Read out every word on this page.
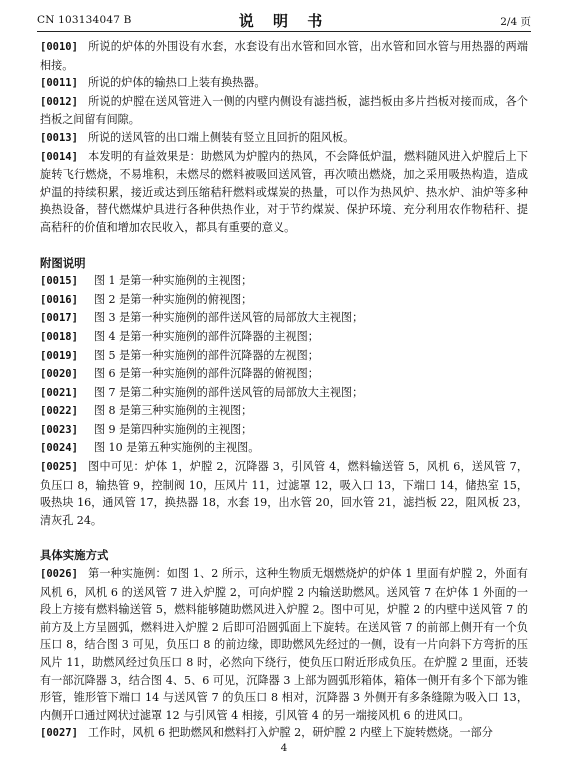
CN 103134047 B	说 明 书	2/4 页

[0010] 所说的炉体的外围设有水套，水套设有出水管和回水管，出水管和回水管与用热器的两端相接。

[0011] 所说的炉体的输热口上装有换热器。

[0012] 所说的炉膛在送风管进入一侧的内壁内侧设有滤挡板，滤挡板由多片挡板对接而成，各个挡板之间留有间隙。

[0013] 所说的送风管的出口端上侧装有竖立且回折的阻风板。

[0014] 本发明的有益效果是：助燃风为炉膛内的热风，不会降低炉温，燃料随风进入炉膛后上下旋转飞行燃烧，不易堆积，未燃尽的燃料被吸回送风管，再次喷出燃烧，加之采用吸热构造，造成炉温的持续积累，接近或达到压缩秸秆燃料或煤炭的热量，可以作为热风炉、热水炉、油炉等多种换热设备，替代燃煤炉具进行各种供热作业，对于节约煤炭、保护环境、充分利用农作物秸秆、提高秸秆的价值和增加农民收入，都具有重要的意义。

附图说明

[0015] 图 1 是第一种实施例的主视图；
[0016] 图 2 是第一种实施例的俯视图；
[0017] 图 3 是第一种实施例的部件送风管的局部放大主视图；
[0018] 图 4 是第一种实施例的部件沉降器的主视图；
[0019] 图 5 是第一种实施例的部件沉降器的左视图；
[0020] 图 6 是第一种实施例的部件沉降器的俯视图；
[0021] 图 7 是第二种实施例的部件送风管的局部放大主视图；
[0022] 图 8 是第三种实施例的主视图；
[0023] 图 9 是第四种实施例的主视图；
[0024] 图 10 是第五种实施例的主视图。

[0025] 图中可见：炉体 1，炉膛 2，沉降器 3，引风管 4，燃料输送管 5，风机 6，送风管 7，负压口 8，输热管 9，控制阀 10，压风片 11，过滤罩 12，吸入口 13，下端口 14，储热室 15，吸热块 16，通风管 17，换热器 18，水套 19，出水管 20，回水管 21，滤挡板 22，阻风板 23，清灰孔 24。

具体实施方式

[0026] 第一种实施例：如图 1、2 所示，这种生物质无烟燃烧炉的炉体 1 里面有炉膛 2，外面有风机 6，风机 6 的送风管 7 进入炉膛 2，可向炉膛 2 内输送助燃风。送风管 7 在炉体 1 外面的一段上方接有燃料输送管 5，燃料能够随助燃风进入炉膛 2。图中可见，炉膛 2 的内壁中送风管 7 的前方及上方呈圆弧，燃料进入炉膛 2 后即可沿圆弧面上下旋转。在送风管 7 的前部上侧开有一个负压口 8，结合图 3 可见，负压口 8 的前边缘，即助燃风先经过的一侧，设有一片向斜下方弯折的压风片 11，助燃风经过负压口 8 时，必然向下绕行，使负压口附近形成负压。在炉膛 2 里面，还装有一部沉降器 3，结合图 4、5、6 可见，沉降器 3 上部为圆弧形箱体，箱体一侧开有多个下部为锥形管，锥形管下端口 14 与送风管 7 的负压口 8 相对，沉降器 3 外侧开有多条缝隙为吸入口 13，内侧开口通过网状过滤罩 12 与引风管 4 相接，引风管 4 的另一端接风机 6 的进风口。

[0027] 工作时，风机 6 把助燃风和燃料打入炉膛 2，研炉膛 2 内壁上下旋转燃烧。一部分

4
